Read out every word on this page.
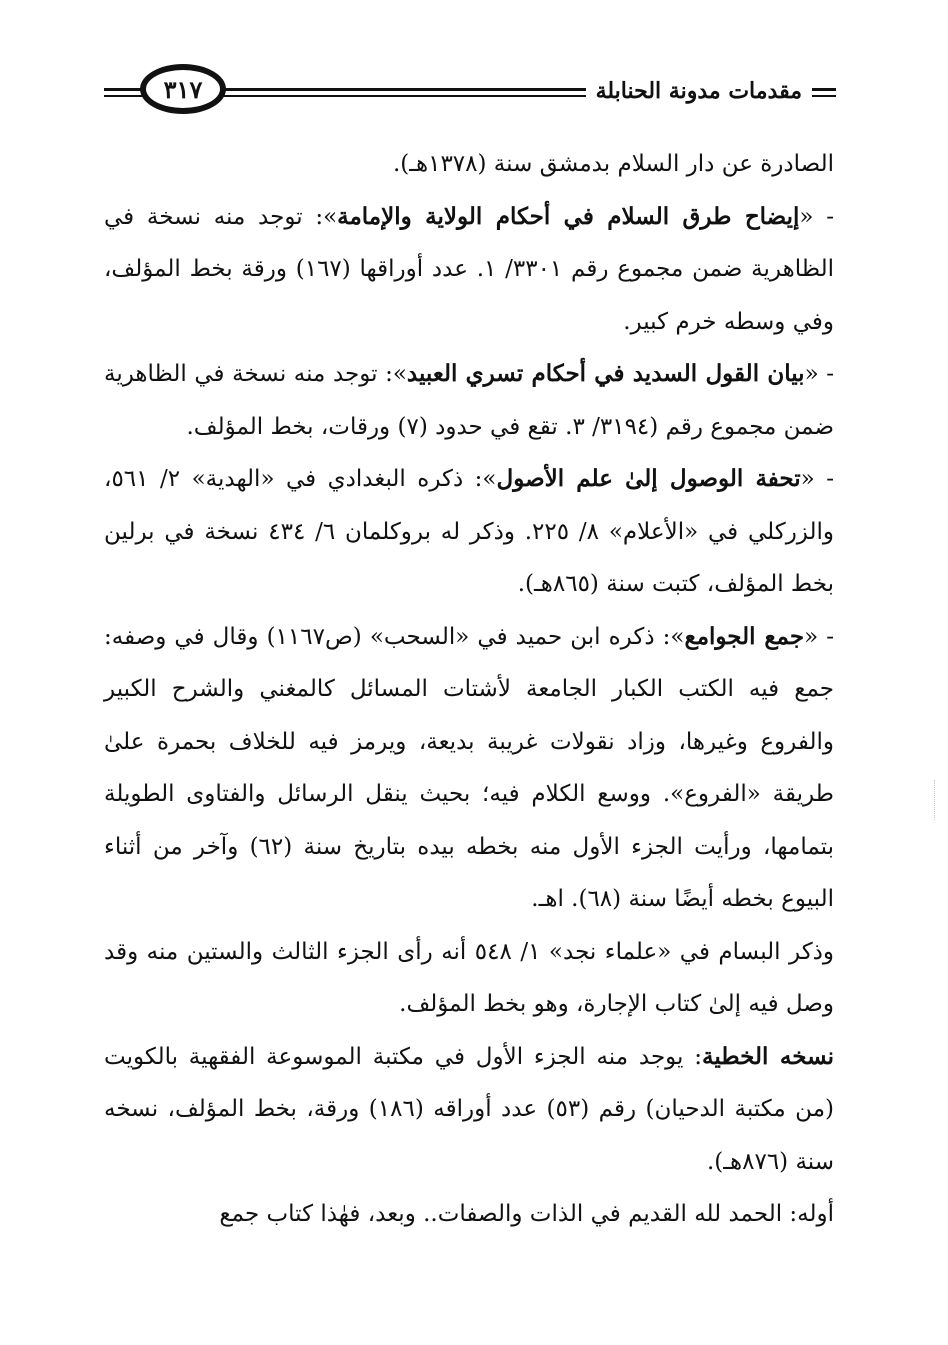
مقدمات مدونة الحنابلة
٣١٧

الصادرة عن دار السلام بدمشق سنة (١٣٧٨هـ).

- «إيضاح طرق السلام في أحكام الولاية والإمامة»: توجد منه نسخة في الظاهرية ضمن مجموع رقم ٣٣٠١/ ١. عدد أوراقها (١٦٧) ورقة بخط المؤلف، وفي وسطه خرم كبير.

- «بيان القول السديد في أحكام تسري العبيد»: توجد منه نسخة في الظاهرية ضمن مجموع رقم (٣١٩٤/ ٣. تقع في حدود (٧) ورقات، بخط المؤلف.

- «تحفة الوصول إلىٰ علم الأصول»: ذكره البغدادي في «الهدية» ٢/ ٥٦١، والزركلي في «الأعلام» ٨/ ٢٢٥. وذكر له بروكلمان ٦/ ٤٣٤ نسخة في برلين بخط المؤلف، كتبت سنة (٨٦٥هـ).

- «جمع الجوامع»: ذكره ابن حميد في «السحب» (ص١١٦٧) وقال في وصفه: جمع فيه الكتب الكبار الجامعة لأشتات المسائل كالمغني والشرح الكبير والفروع وغيرها، وزاد نقولات غريبة بديعة، ويرمز فيه للخلاف بحمرة علىٰ طريقة «الفروع». ووسع الكلام فيه؛ بحيث ينقل الرسائل والفتاوى الطويلة بتمامها، ورأيت الجزء الأول منه بخطه بيده بتاريخ سنة (٦٢) وآخر من أثناء البيوع بخطه أيضًا سنة (٦٨). اهـ.

وذكر البسام في «علماء نجد» ١/ ٥٤٨ أنه رأى الجزء الثالث والستين منه وقد وصل فيه إلىٰ كتاب الإجارة، وهو بخط المؤلف.

نسخه الخطية: يوجد منه الجزء الأول في مكتبة الموسوعة الفقهية بالكويت (من مكتبة الدحيان) رقم (٥٣) عدد أوراقه (١٨٦) ورقة، بخط المؤلف، نسخه سنة (٨٧٦هـ).

أوله: الحمد لله القديم في الذات والصفات.. وبعد، فهٰذا كتاب جمع
